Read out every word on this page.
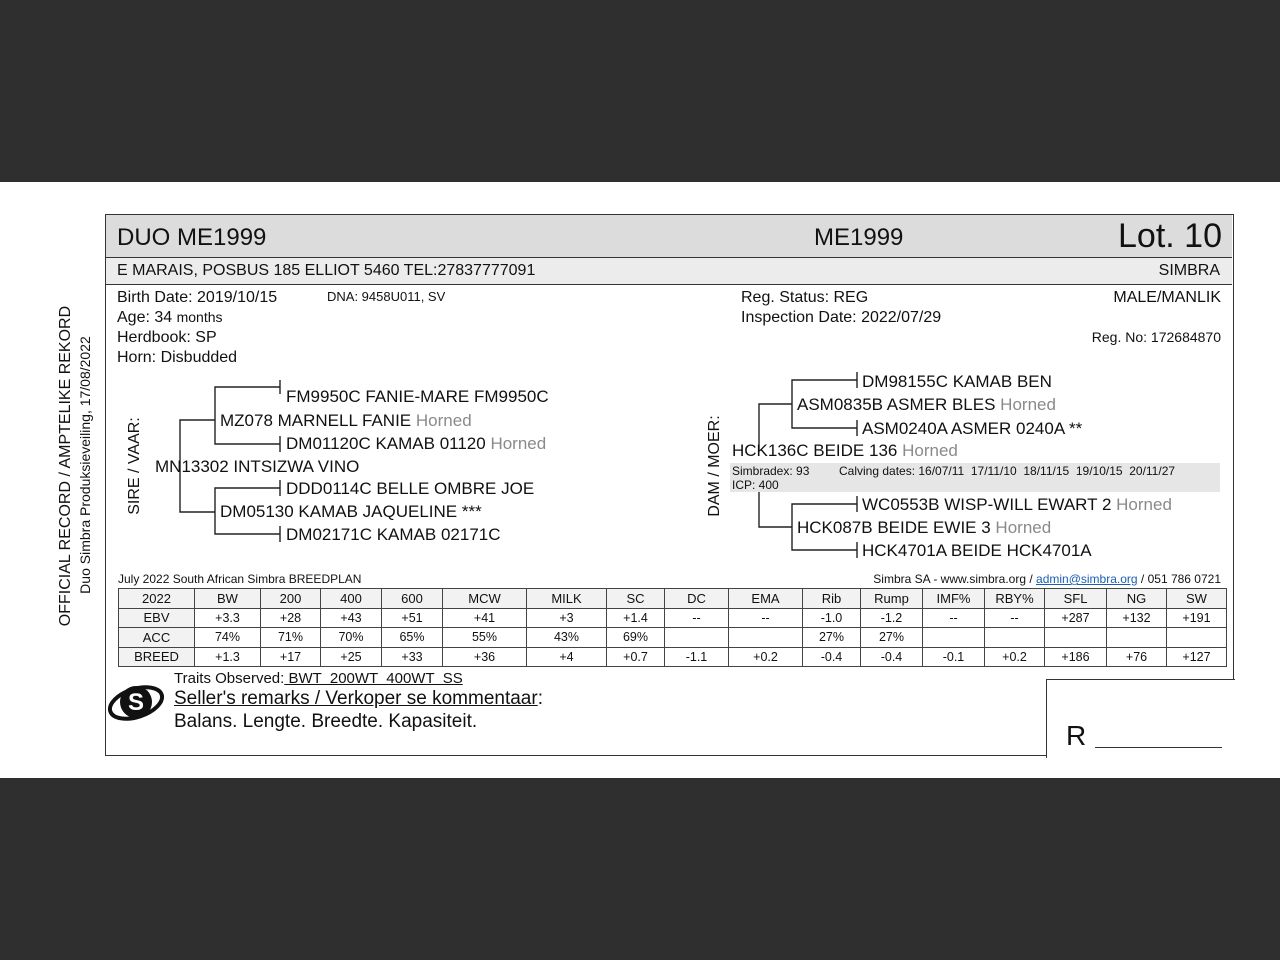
OFFICIAL RECORD / AMPTELIKE REKORD Duo Simbra Produksieveiling, 17/08/2022
DUO ME1999	ME1999	Lot. 10
E MARAIS, POSBUS 185 ELLIOT 5460 TEL:27837777091	SIMBRA
Birth Date: 2019/10/15	DNA: 9458U011, SV
Age: 34 months
Herdbook: SP
Horn: Disbudded
Reg. Status: REG
Inspection Date: 2022/07/29
MALE/MANLIK
Reg. No: 172684870
SIRE / VAAR:
FM9950C FANIE-MARE FM9950C
MZ078 MARNELL FANIE Horned
DM01120C KAMAB 01120 Horned
MN13302 INTSIZWA VINO
DDD0114C BELLE OMBRE JOE
DM05130 KAMAB JAQUELINE ***
DM02171C KAMAB 02171C
DAM / MOER:
DM98155C KAMAB BEN
ASM0835B ASMER BLES Horned
ASM0240A ASMER 0240A **
HCK136C BEIDE 136 Horned
Simbradex: 93 Calving dates: 16/07/11  17/11/10  18/11/15  19/10/15  20/11/27
ICP: 400
WC0553B WISP-WILL EWART 2 Horned
HCK087B BEIDE EWIE 3 Horned
HCK4701A BEIDE HCK4701A
July 2022 South African Simbra BREEDPLAN	Simbra SA - www.simbra.org / admin@simbra.org / 051 786 0721
2022	BW	200	400	600	MCW	MILK	SC	DC	EMA	Rib	Rump	IMF%	RBY%	SFL	NG	SW
EBV	+3.3	+28	+43	+51	+41	+3	+1.4	--	--	-1.0	-1.2	--	--	+287	+132	+191
ACC	74%	71%	70%	65%	55%	43%	69%			27%	27%					
BREED	+1.3	+17	+25	+33	+36	+4	+0.7	-1.1	+0.2	-0.4	-0.4	-0.1	+0.2	+186	+76	+127
R
S
Traits Observed: BWT  200WT  400WT  SS
Seller's remarks / Verkoper se kommentaar:
Balans. Lengte. Breedte. Kapasiteit.
